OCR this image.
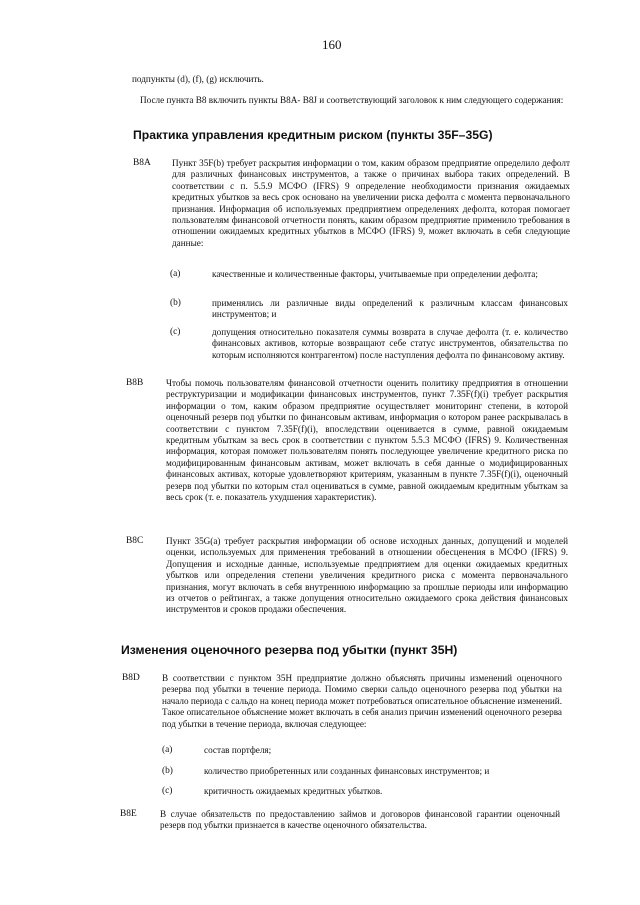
160
подпункты (d), (f), (g) исключить.
После пункта B8 включить пункты B8A- B8J и соответствующий заголовок к ним следующего содержания:
Практика управления кредитным риском (пункты 35F–35G)
B8A Пункт 35F(b) требует раскрытия информации о том, каким образом предприятие определило дефолт для различных финансовых инструментов, а также о причинах выбора таких определений. В соответствии с п. 5.5.9 МСФО (IFRS) 9 определение необходимости признания ожидаемых кредитных убытков за весь срок основано на увеличении риска дефолта с момента первоначального признания. Информация об используемых предприятием определениях дефолта, которая помогает пользователям финансовой отчетности понять, каким образом предприятие применило требования в отношении ожидаемых кредитных убытков в МСФО (IFRS) 9, может включать в себя следующие данные:
(a)	качественные и количественные факторы, учитываемые при определении дефолта;
(b)	применялись ли различные виды определений к различным классам финансовых инструментов; и
(c)	допущения относительно показателя суммы возврата в случае дефолта (т. е. количество финансовых активов, которые возвращают себе статус инструментов, обязательства по которым исполняются контрагентом) после наступления дефолта по финансовому активу.
B8B Чтобы помочь пользователям финансовой отчетности оценить политику предприятия в отношении реструктуризации и модификации финансовых инструментов, пункт 7.35F(f)(i) требует раскрытия информации о том, каким образом предприятие осуществляет мониторинг степени, в которой оценочный резерв под убытки по финансовым активам, информация о котором ранее раскрывалась в соответствии с пунктом 7.35F(f)(i), впоследствии оценивается в сумме, равной ожидаемым кредитным убыткам за весь срок в соответствии с пунктом 5.5.3 МСФО (IFRS) 9. Количественная информация, которая поможет пользователям понять последующее увеличение кредитного риска по модифицированным финансовым активам, может включать в себя данные о модифицированных финансовых активах, которые удовлетворяют критериям, указанным в пункте 7.35F(f)(i), оценочный резерв под убытки по которым стал оцениваться в сумме, равной ожидаемым кредитным убыткам за весь срок (т. е. показатель ухудшения характеристик).
B8C Пункт 35G(a) требует раскрытия информации об основе исходных данных, допущений и моделей оценки, используемых для применения требований в отношении обесценения в МСФО (IFRS) 9. Допущения и исходные данные, используемые предприятием для оценки ожидаемых кредитных убытков или определения степени увеличения кредитного риска с момента первоначального признания, могут включать в себя внутреннюю информацию за прошлые периоды или информацию из отчетов о рейтингах, а также допущения относительно ожидаемого срока действия финансовых инструментов и сроков продажи обеспечения.
Изменения оценочного резерва под убытки (пункт 35H)
B8D В соответствии с пунктом 35H предприятие должно объяснять причины изменений оценочного резерва под убытки в течение периода. Помимо сверки сальдо оценочного резерва под убытки на начало периода с сальдо на конец периода может потребоваться описательное объяснение изменений. Такое описательное объяснение может включать в себя анализ причин изменений оценочного резерва под убытки в течение периода, включая следующее:
(a)	состав портфеля;
(b)	количество приобретенных или созданных финансовых инструментов; и
(c)	критичность ожидаемых кредитных убытков.
B8E	В случае обязательств по предоставлению займов и договоров финансовой гарантии оценочный резерв под убытки признается в качестве оценочного обязательства.
